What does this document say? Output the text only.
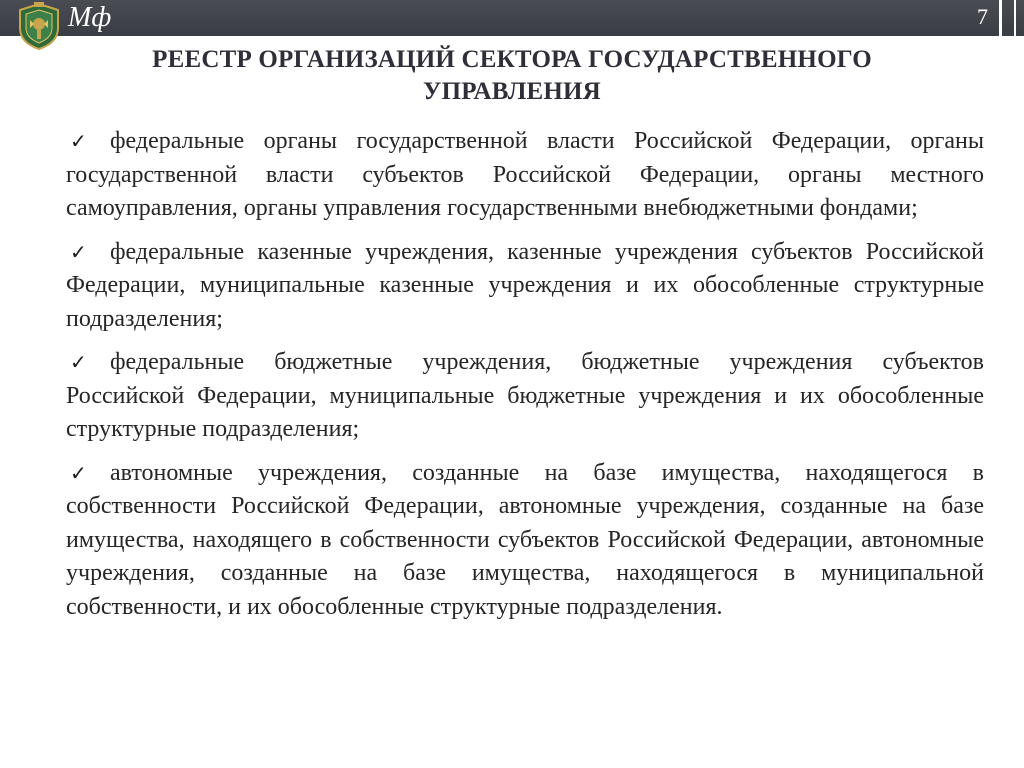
Мф	7
РЕЕСТР ОРГАНИЗАЦИЙ СЕКТОРА ГОСУДАРСТВЕННОГО УПРАВЛЕНИЯ

✓ федеральные органы государственной власти Российской Федерации, органы государственной власти субъектов Российской Федерации, органы местного самоуправления, органы управления государственными внебюджетными фондами;

✓ федеральные казенные учреждения, казенные учреждения субъектов Российской Федерации, муниципальные казенные учреждения и их обособленные структурные подразделения;

✓ федеральные бюджетные учреждения, бюджетные учреждения субъектов Российской Федерации, муниципальные бюджетные учреждения и их обособленные структурные подразделения;

✓ автономные учреждения, созданные на базе имущества, находящегося в собственности Российской Федерации, автономные учреждения, созданные на базе имущества, находящего в собственности субъектов Российской Федерации, автономные учреждения, созданные на базе имущества, находящегося в муниципальной собственности, и их обособленные структурные подразделения.
